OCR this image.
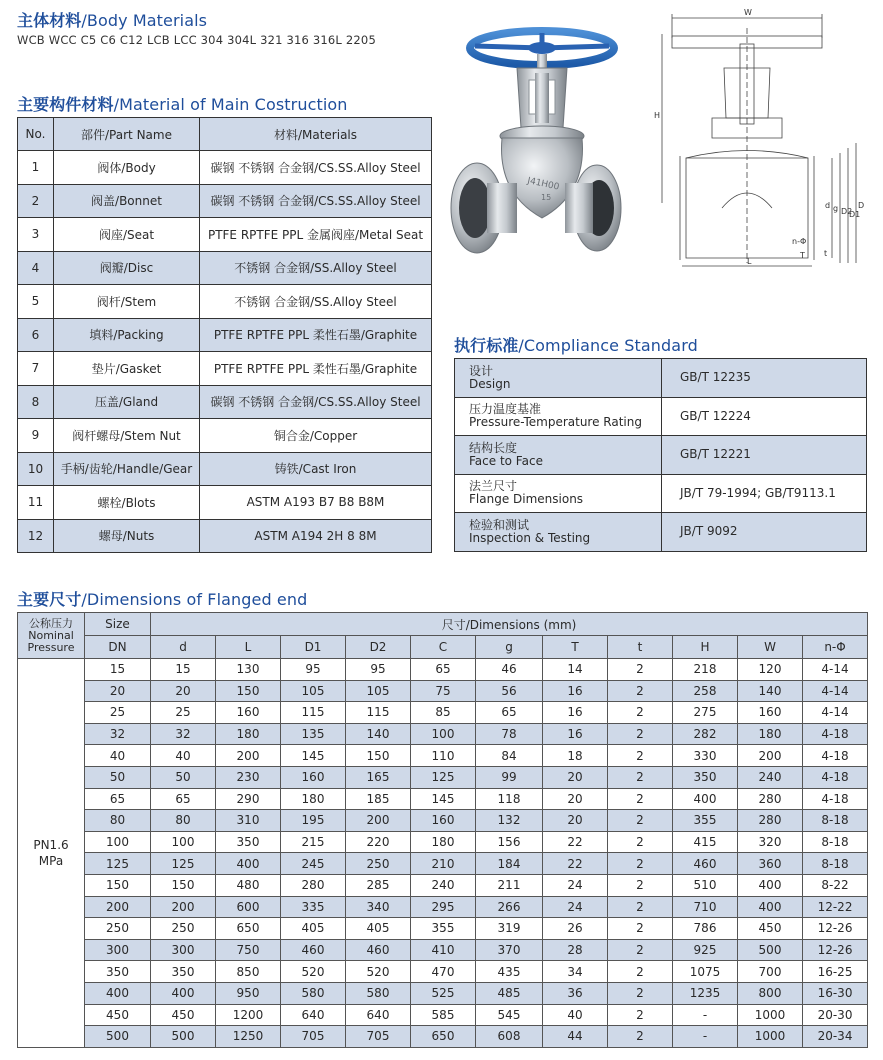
主体材料/Body Materials
WCB WCC C5 C6 C12 LCB LCC 304 304L 321 316 316L 2205
主要构件材料/Material of Main Costruction
No.	部件/Part Name	材料/Materials
1	阀体/Body	碳钢 不锈钢 合金钢/CS.SS.Alloy Steel
2	阀盖/Bonnet	碳钢 不锈钢 合金钢/CS.SS.Alloy Steel
3	阀座/Seat	PTFE RPTFE PPL 金属阀座/Metal Seat
4	阀瓣/Disc	不锈钢 合金钢/SS.Alloy Steel
5	阀杆/Stem	不锈钢 合金钢/SS.Alloy Steel
6	填料/Packing	PTFE RPTFE PPL 柔性石墨/Graphite
7	垫片/Gasket	PTFE RPTFE PPL 柔性石墨/Graphite
8	压盖/Gland	碳钢 不锈钢 合金钢/CS.SS.Alloy Steel
9	阀杆螺母/Stem Nut	铜合金/Copper
10	手柄/齿轮/Handle/Gear	铸铁/Cast Iron
11	螺栓/Blots	ASTM A193 B7 B8 B8M
12	螺母/Nuts	ASTM A194 2H 8 8M
J41H00
15
W
H
d g D2
D1
D
L
T t
n-Φ
执行标准/Compliance Standard
设计
Design	GB/T 12235

压力温度基准
Pressure-Temperature Rating	GB/T 12224

结构长度
Face to Face	GB/T 12221

法兰尺寸
Flange Dimensions	JB/T 79-1994; GB/T9113.1

检验和测试
Inspection & Testing	JB/T 9092
主要尺寸/Dimensions of Flanged end
公称压力
Nominal
Pressure	Size	尺寸/Dimensions (mm)										
	DN	d	L	D1	D2	C	g	T	t	H	W	n-Φ

PN1.6
MPa	15	15	130	95	95	65	46	14	2	218	120	4-14
	20	20	150	105	105	75	56	16	2	258	140	4-14
	25	25	160	115	115	85	65	16	2	275	160	4-14
	32	32	180	135	140	100	78	16	2	282	180	4-18
	40	40	200	145	150	110	84	18	2	330	200	4-18
	50	50	230	160	165	125	99	20	2	350	240	4-18
	65	65	290	180	185	145	118	20	2	400	280	4-18
	80	80	310	195	200	160	132	20	2	355	280	8-18
	100	100	350	215	220	180	156	22	2	415	320	8-18
	125	125	400	245	250	210	184	22	2	460	360	8-18
	150	150	480	280	285	240	211	24	2	510	400	8-22
	200	200	600	335	340	295	266	24	2	710	400	12-22
	250	250	650	405	405	355	319	26	2	786	450	12-26
	300	300	750	460	460	410	370	28	2	925	500	12-26
	350	350	850	520	520	470	435	34	2	1075	700	16-25
	400	400	950	580	580	525	485	36	2	1235	800	16-30
	450	450	1200	640	640	585	545	40	2	-	1000	20-30
	500	500	1250	705	705	650	608	44	2	-	1000	20-34
